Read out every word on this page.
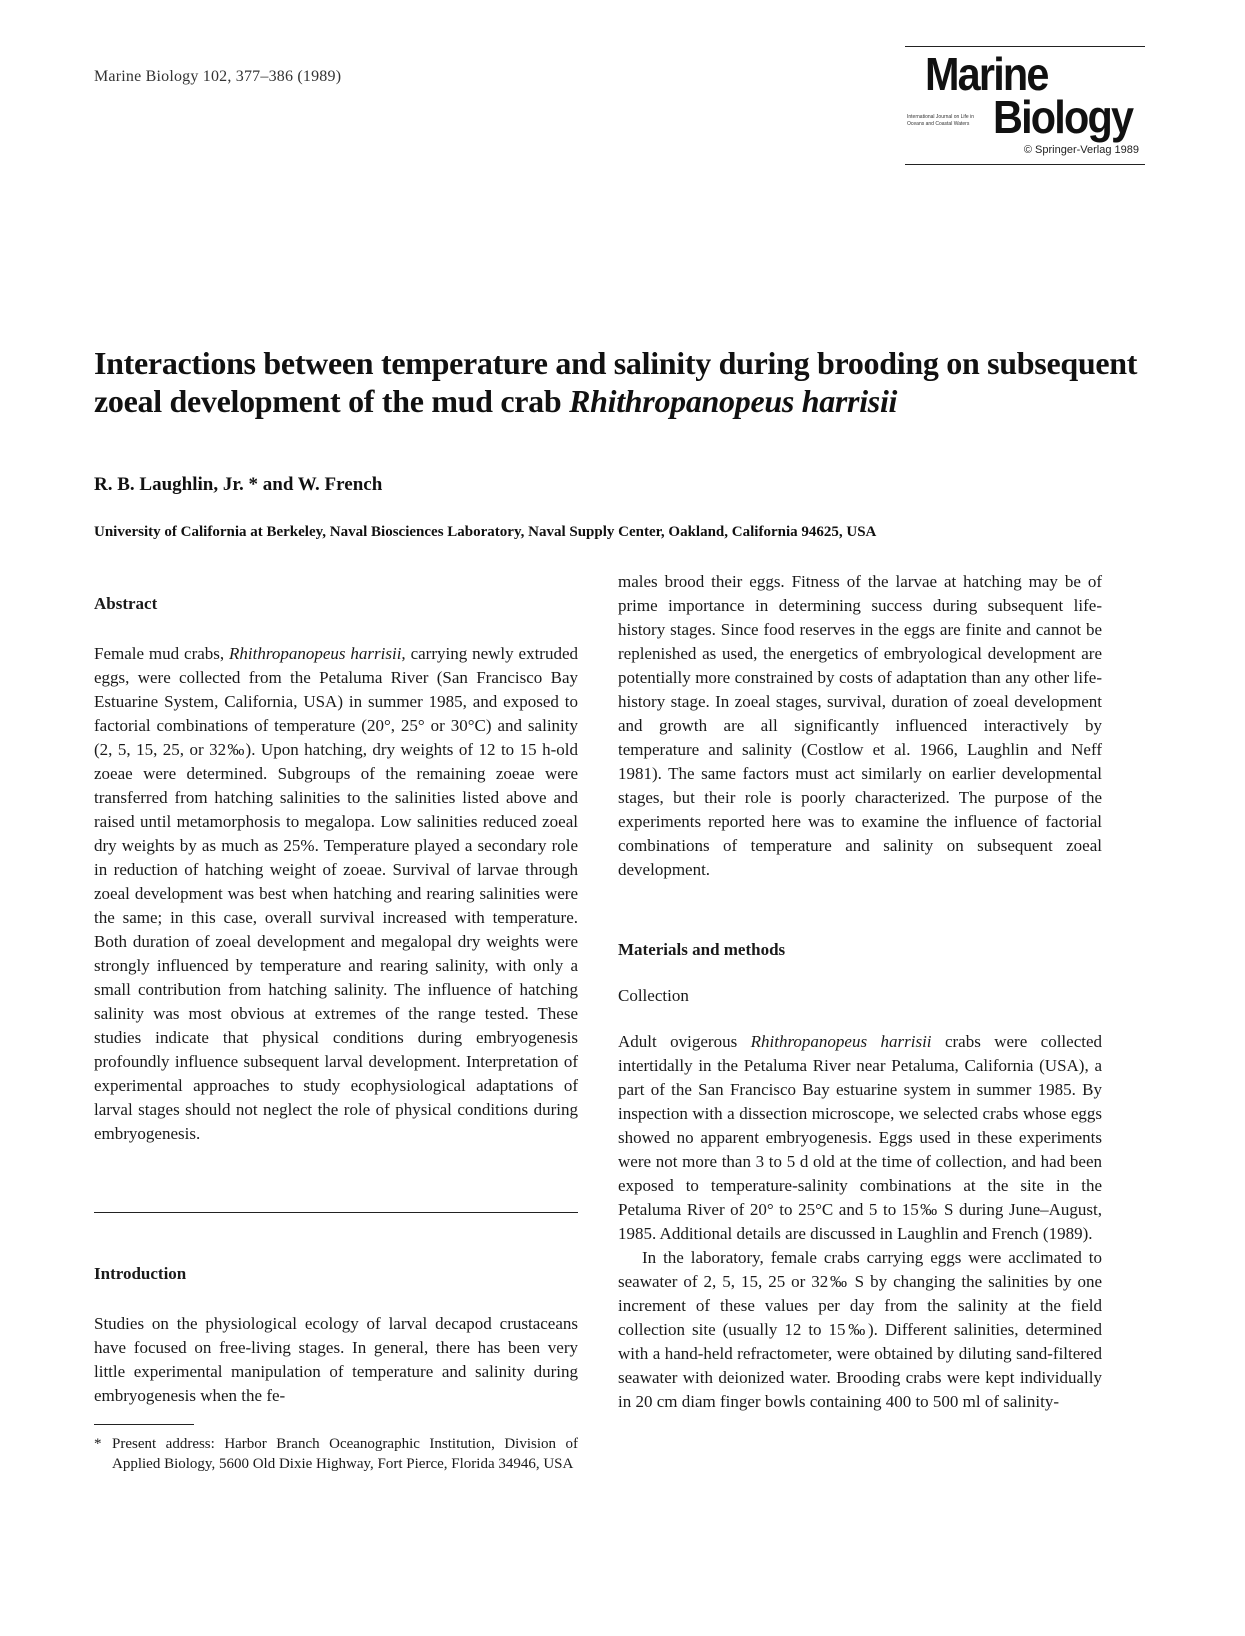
Marine Biology 102, 377–386 (1989)	Marine
International Journal on Life in Oceans and Coastal Waters Biology
© Springer-Verlag 1989
Interactions between temperature and salinity during brooding on subsequent zoeal development of the mud crab Rhithropanopeus harrisii
R. B. Laughlin, Jr. * and W. French
University of California at Berkeley, Naval Biosciences Laboratory, Naval Supply Center, Oakland, California 94625, USA

Abstract

Female mud crabs, Rhithropanopeus harrisii, carrying newly extruded eggs, were collected from the Petaluma River (San Francisco Bay Estuarine System, California, USA) in summer 1985, and exposed to factorial combinations of temperature (20°, 25° or 30°C) and salinity (2, 5, 15, 25, or 32‰). Upon hatching, dry weights of 12 to 15 h-old zoeae were determined. Subgroups of the remaining zoeae were transferred from hatching salinities to the salinities listed above and raised until metamorphosis to megalopa. Low salinities reduced zoeal dry weights by as much as 25%. Temperature played a secondary role in reduction of hatching weight of zoeae. Survival of larvae through zoeal development was best when hatching and rearing salinities were the same; in this case, overall survival increased with temperature. Both duration of zoeal development and megalopal dry weights were strongly influenced by temperature and rearing salinity, with only a small contribution from hatching salinity. The influence of hatching salinity was most obvious at extremes of the range tested. These studies indicate that physical conditions during embryogenesis profoundly influence subsequent larval development. Interpretation of experimental approaches to study ecophysiological adaptations of larval stages should not neglect the role of physical conditions during embryogenesis.

Introduction

Studies on the physiological ecology of larval decapod crustaceans have focused on free-living stages. In general, there has been very little experimental manipulation of temperature and salinity during embryogenesis when the fe-

* Present address: Harbor Branch Oceanographic Institution, Division of Applied Biology, 5600 Old Dixie Highway, Fort Pierce, Florida 34946, USA

males brood their eggs. Fitness of the larvae at hatching may be of prime importance in determining success during subsequent life-history stages. Since food reserves in the eggs are finite and cannot be replenished as used, the energetics of embryological development are potentially more constrained by costs of adaptation than any other life-history stage. In zoeal stages, survival, duration of zoeal development and growth are all significantly influenced interactively by temperature and salinity (Costlow et al. 1966, Laughlin and Neff 1981). The same factors must act similarly on earlier developmental stages, but their role is poorly characterized. The purpose of the experiments reported here was to examine the influence of factorial combinations of temperature and salinity on subsequent zoeal development.

Materials and methods

Collection

Adult ovigerous Rhithropanopeus harrisii crabs were collected intertidally in the Petaluma River near Petaluma, California (USA), a part of the San Francisco Bay estuarine system in summer 1985. By inspection with a dissection microscope, we selected crabs whose eggs showed no apparent embryogenesis. Eggs used in these experiments were not more than 3 to 5 d old at the time of collection, and had been exposed to temperature-salinity combinations at the site in the Petaluma River of 20° to 25°C and 5 to 15‰ S during June–August, 1985. Additional details are discussed in Laughlin and French (1989).

In the laboratory, female crabs carrying eggs were acclimated to seawater of 2, 5, 15, 25 or 32‰ S by changing the salinities by one increment of these values per day from the salinity at the field collection site (usually 12 to 15‰). Different salinities, determined with a hand-held refractometer, were obtained by diluting sand-filtered seawater with deionized water. Brooding crabs were kept individually in 20 cm diam finger bowls containing 400 to 500 ml of salinity-
